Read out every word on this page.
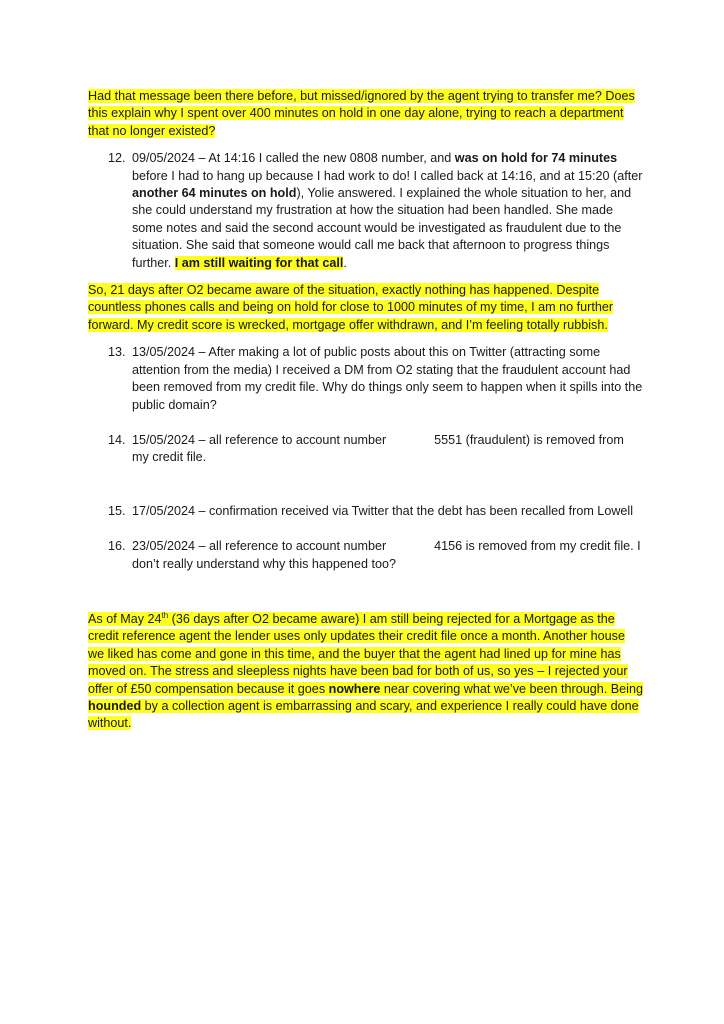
Had that message been there before, but missed/ignored by the agent trying to transfer me? Does this explain why I spent over 400 minutes on hold in one day alone, trying to reach a department that no longer existed?

12. 09/05/2024 – At 14:16 I called the new 0808 number, and was on hold for 74 minutes before I had to hang up because I had work to do! I called back at 14:16, and at 15:20 (after another 64 minutes on hold), Yolie answered. I explained the whole situation to her, and she could understand my frustration at how the situation had been handled. She made some notes and said the second account would be investigated as fraudulent due to the situation. She said that someone would call me back that afternoon to progress things further. I am still waiting for that call.

So, 21 days after O2 became aware of the situation, exactly nothing has happened. Despite countless phones calls and being on hold for close to 1000 minutes of my time, I am no further forward. My credit score is wrecked, mortgage offer withdrawn, and I’m feeling totally rubbish.

13. 13/05/2024 – After making a lot of public posts about this on Twitter (attracting some attention from the media) I received a DM from O2 stating that the fraudulent account had been removed from my credit file. Why do things only seem to happen when it spills into the public domain?
14. 15/05/2024 – all reference to account number	5551 (fraudulent) is removed from my credit file.
15. 17/05/2024 – confirmation received via Twitter that the debt has been recalled from Lowell
16. 23/05/2024 – all reference to account number	4156 is removed from my credit file. I don’t really understand why this happened too?

As of May 24th (36 days after O2 became aware) I am still being rejected for a Mortgage as the credit reference agent the lender uses only updates their credit file once a month. Another house we liked has come and gone in this time, and the buyer that the agent had lined up for mine has moved on. The stress and sleepless nights have been bad for both of us, so yes – I rejected your offer of £50 compensation because it goes nowhere near covering what we’ve been through. Being hounded by a collection agent is embarrassing and scary, and experience I really could have done without.
